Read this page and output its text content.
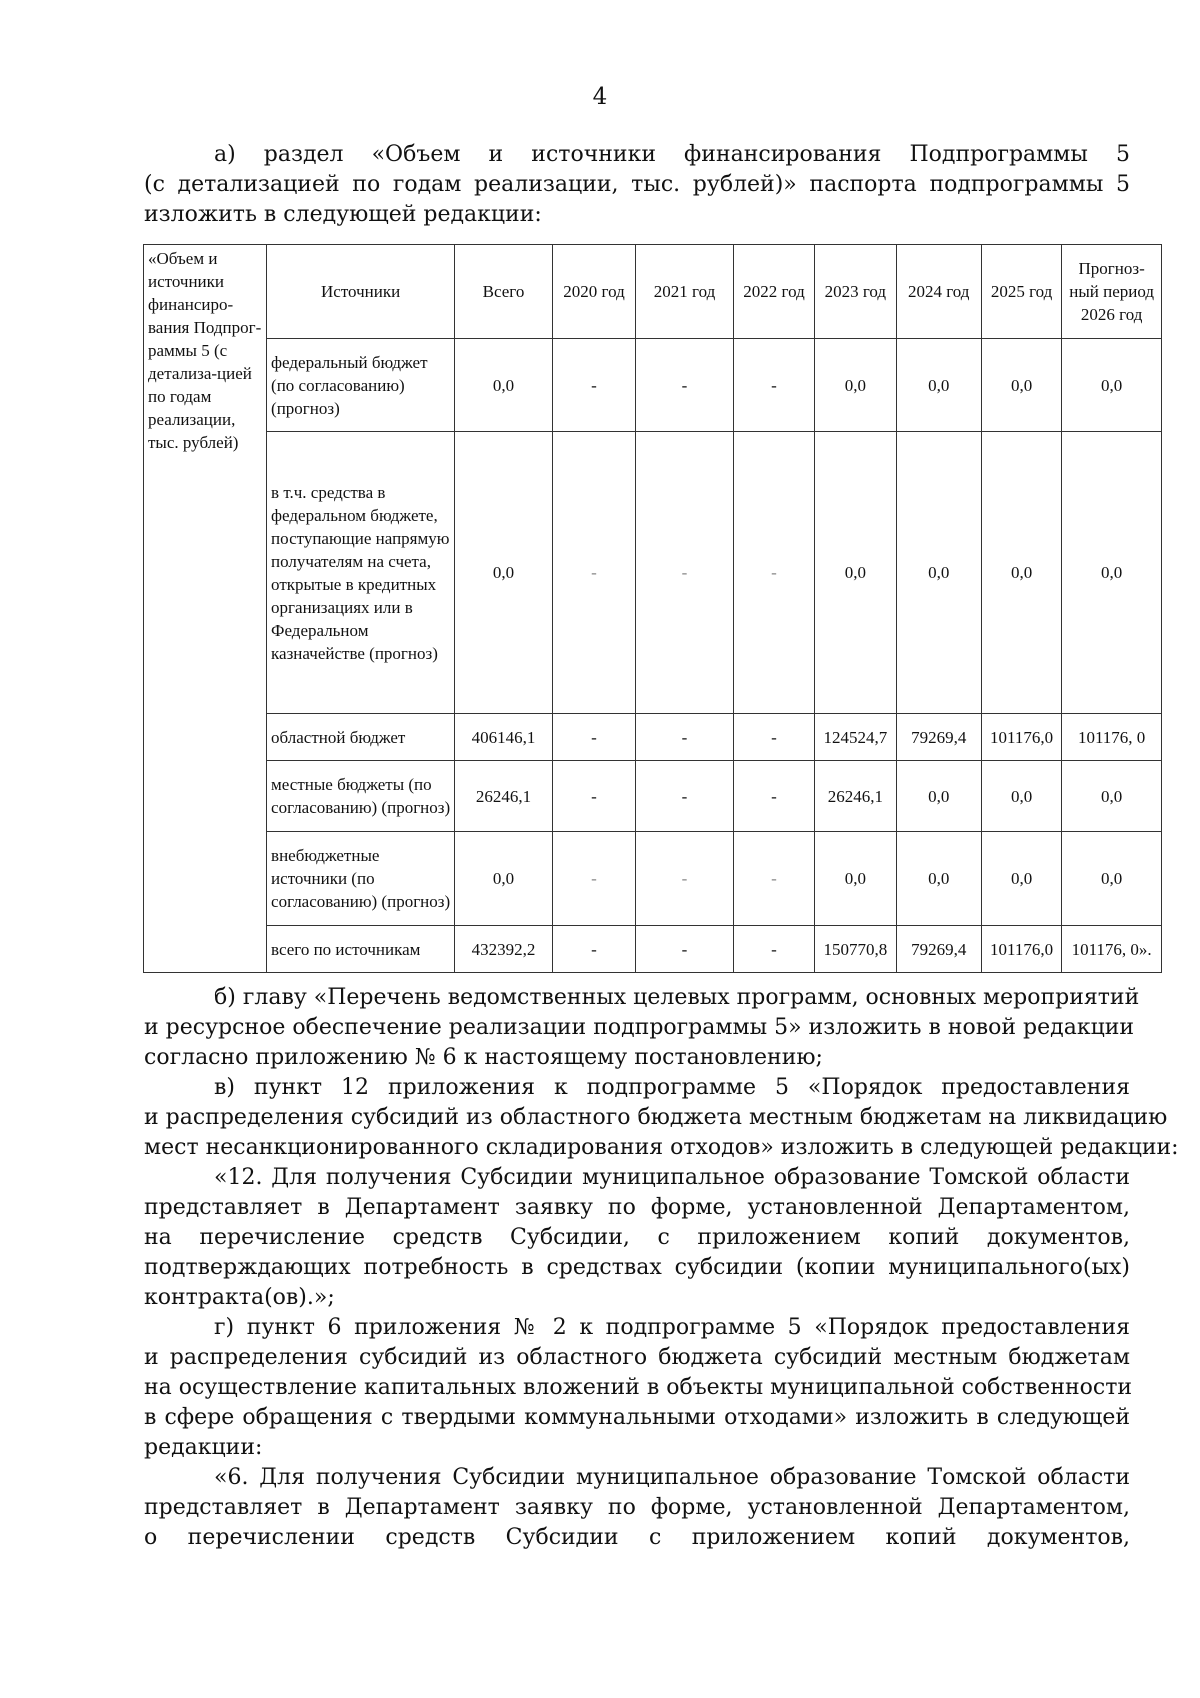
4
а) раздел «Объем и источники финансирования Подпрограммы 5
(с детализацией по годам реализации, тыс. рублей)» паспорта подпрограммы 5
изложить в следующей редакции:
«Объем и источники финансиро-вания Подпрог-раммы 5 (с детализа-цией по годам реализации, тыс. рублей)	Источники	Всего	2020 год	2021 год	2022 год	2023 год	2024 год	2025 год	Прогноз-ный период 2026 год
	федеральный бюджет (по согласованию) (прогноз)	0,0	-	-	-	0,0	0,0	0,0	0,0
	в т.ч. средства в федеральном бюджете, поступающие напрямую получателям на счета, открытые в кредитных организациях или в Федеральном казначействе (прогноз)	0,0	-	-	-	0,0	0,0	0,0	0,0
	областной бюджет	406146,1	-	-	-	124524,7	79269,4	101176,0	101176, 0
	местные бюджеты (по согласованию) (прогноз)	26246,1	-	-	-	26246,1	0,0	0,0	0,0
	внебюджетные источники (по согласованию) (прогноз)	0,0	-	-	-	0,0	0,0	0,0	0,0
	всего по источникам	432392,2	-	-	-	150770,8	79269,4	101176,0	101176, 0».
б) главу «Перечень ведомственных целевых программ, основных мероприятий
и ресурсное обеспечение реализации подпрограммы 5» изложить в новой редакции
согласно приложению № 6 к настоящему постановлению;
в) пункт 12 приложения к подпрограмме 5 «Порядок предоставления
и распределения субсидий из областного бюджета местным бюджетам на ликвидацию
мест несанкционированного складирования отходов» изложить в следующей редакции:
«12. Для получения Субсидии муниципальное образование Томской области
представляет в Департамент заявку по форме, установленной Департаментом,
на перечисление средств Субсидии, с приложением копий документов,
подтверждающих потребность в средствах субсидии (копии муниципального(ых)
контракта(ов).»;
г) пункт 6 приложения № 2 к подпрограмме 5 «Порядок предоставления
и распределения субсидий из областного бюджета субсидий местным бюджетам
на осуществление капитальных вложений в объекты муниципальной собственности
в сфере обращения с твердыми коммунальными отходами» изложить в следующей
редакции:
«6. Для получения Субсидии муниципальное образование Томской области
представляет в Департамент заявку по форме, установленной Департаментом,
о перечислении средств Субсидии с приложением копий документов,
